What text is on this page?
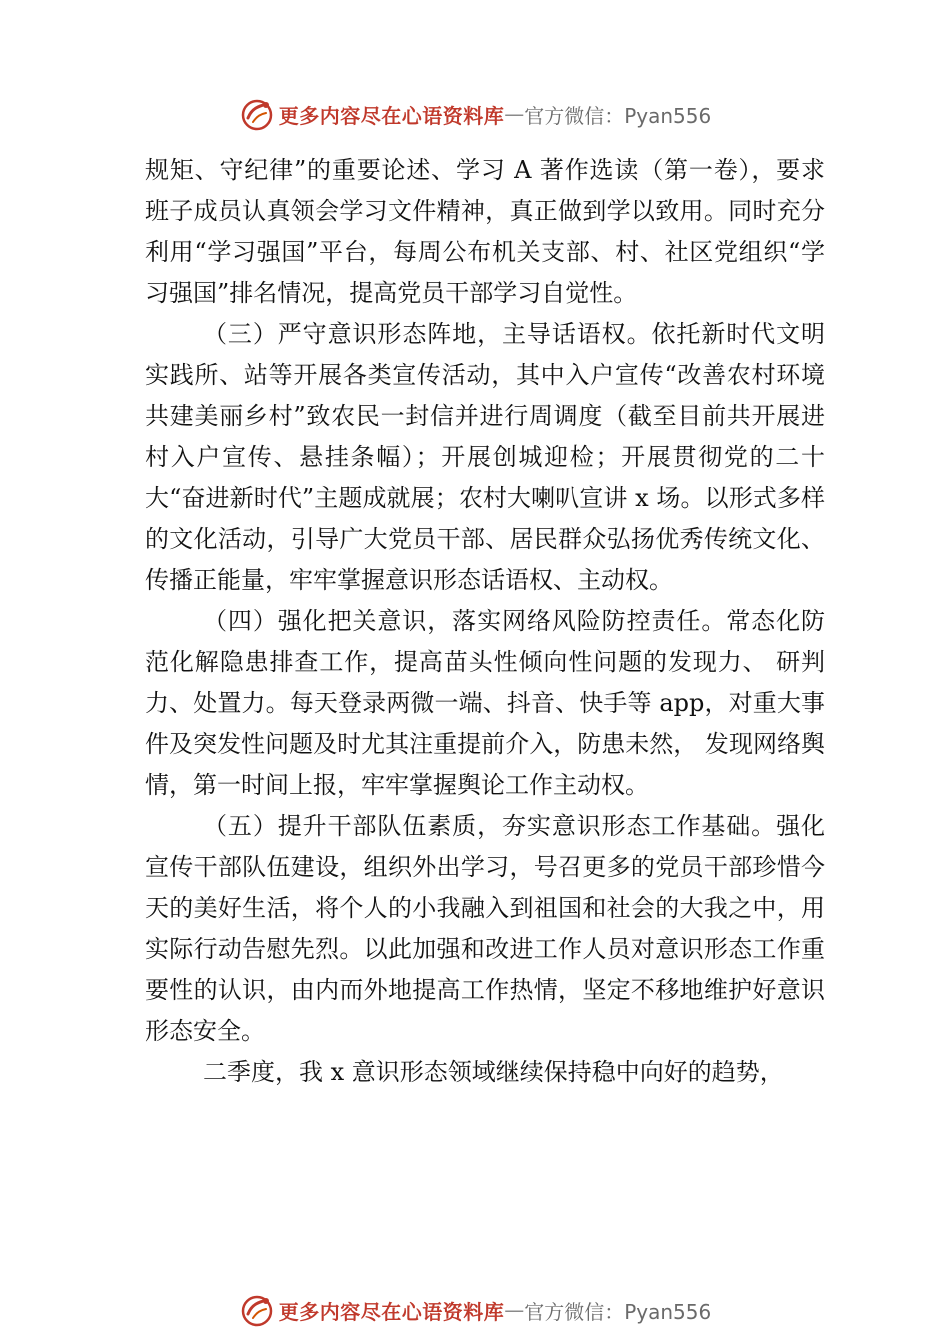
更多内容尽在心语资料库 — 官方微信：Pyan556

规矩、守纪律”的重要论述、学习 A 著作选读（第一卷），要求班子成员认真领会学习文件精神，真正做到学以致用。同时充分利用“学习强国”平台，每周公布机关支部、村、社区党组织“学习强国”排名情况，提高党员干部学习自觉性。

（三）严守意识形态阵地，主导话语权。依托新时代文明实践所、站等开展各类宣传活动，其中入户宣传“改善农村环境共建美丽乡村”致农民一封信并进行周调度（截至目前共开展进村入户宣传、悬挂条幅）；开展创城迎检；开展贯彻党的二十大“奋进新时代”主题成就展；农村大喇叭宣讲 x 场。以形式多样的文化活动，引导广大党员干部、居民群众弘扬优秀传统文化、传播正能量，牢牢掌握意识形态话语权、主动权。

（四）强化把关意识，落实网络风险防控责任。常态化防范化解隐患排查工作，提高苗头性倾向性问题的发现力、 研判力、处置力。每天登录两微一端、抖音、快手等 app，对重大事件及突发性问题及时尤其注重提前介入，防患未然， 发现网络舆情，第一时间上报，牢牢掌握舆论工作主动权。

（五）提升干部队伍素质，夯实意识形态工作基础。强化宣传干部队伍建设，组织外出学习，号召更多的党员干部珍惜今天的美好生活，将个人的小我融入到祖国和社会的大我之中，用实际行动告慰先烈。以此加强和改进工作人员对意识形态工作重要性的认识，由内而外地提高工作热情，坚定不移地维护好意识形态安全。

二季度，我 x 意识形态领域继续保持稳中向好的趋势，

更多内容尽在心语资料库 — 官方微信：Pyan556
